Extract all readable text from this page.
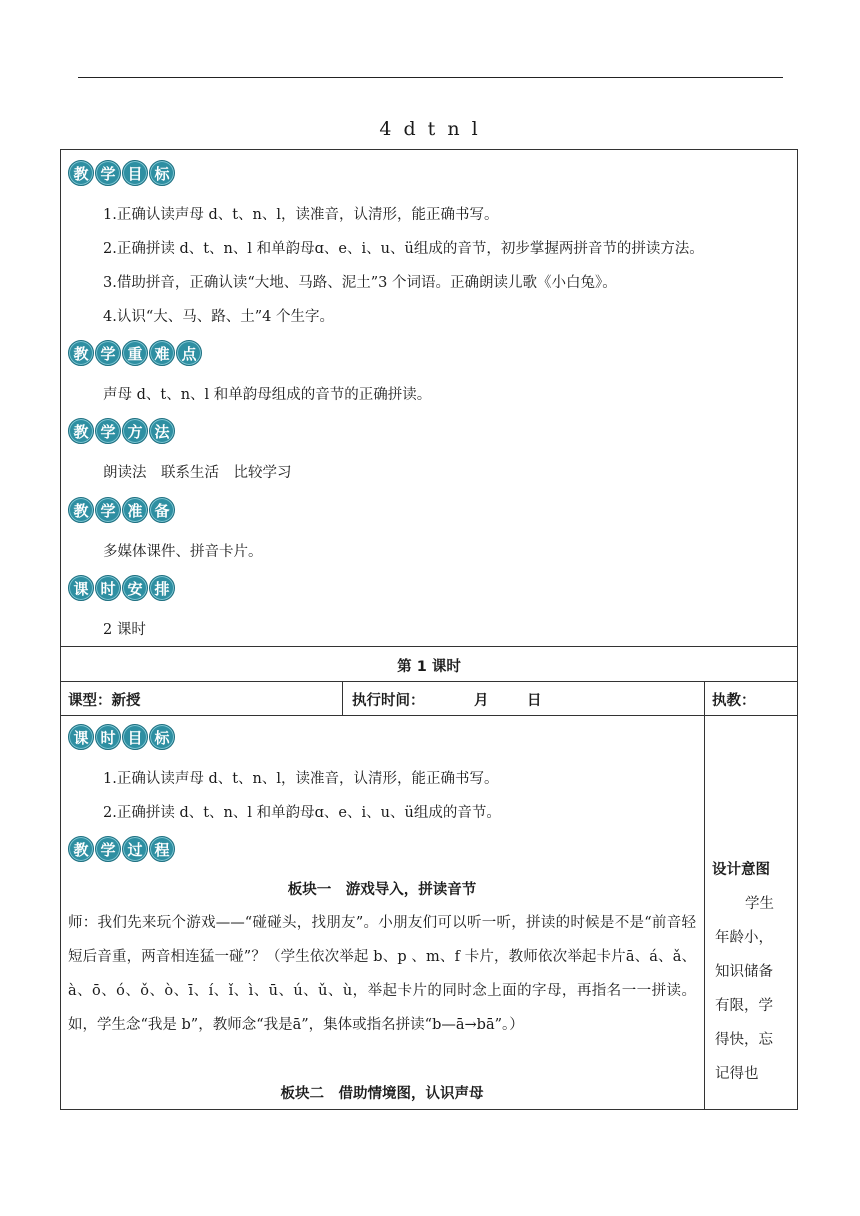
4 d t n l
教 学 目 标
1.正确认读声母 d、t、n、l，读准音，认清形，能正确书写。
2.正确拼读 d、t、n、l 和单韵母ɑ、e、i、u、ü组成的音节，初步掌握两拼音节的拼读方法。
3.借助拼音，正确认读“大地、马路、泥土”3 个词语。正确朗读儿歌《小白兔》。
4.认识“大、马、路、土”4 个生字。
教 学 重 难 点
声母 d、t、n、l 和单韵母组成的音节的正确拼读。
教 学 方 法
朗读法　联系生活　比较学习
教 学 准 备
多媒体课件、拼音卡片。
课 时 安 排
2 课时
第 1 课时
课型：新授	执行时间：	月	日	执教：
课 时 目 标
1.正确认读声母 d、t、n、l，读准音，认清形，能正确书写。
2.正确拼读 d、t、n、l 和单韵母ɑ、e、i、u、ü组成的音节。
教 学 过 程
板块一　游戏导入，拼读音节
师：我们先来玩个游戏——“碰碰头，找朋友”。小朋友们可以听一听，拼读的时候是不是“前音轻短后音重，两音相连猛一碰”？（学生依次举起 b、p 、m、f 卡片，教师依次举起卡片ā、á、ǎ、à、ō、ó、ǒ、ò、ī、í、ǐ、ì、ū、ú、ǔ、ù，举起卡片的同时念上面的字母，再指名一一拼读。如，学生念“我是 b”，教师念“我是ā”，集体或指名拼读“b—ā→bā”。）
板块二　借助情境图，认识声母
设计意图
学生
年龄小，
知识储备
有限，学
得快，忘
记得也
